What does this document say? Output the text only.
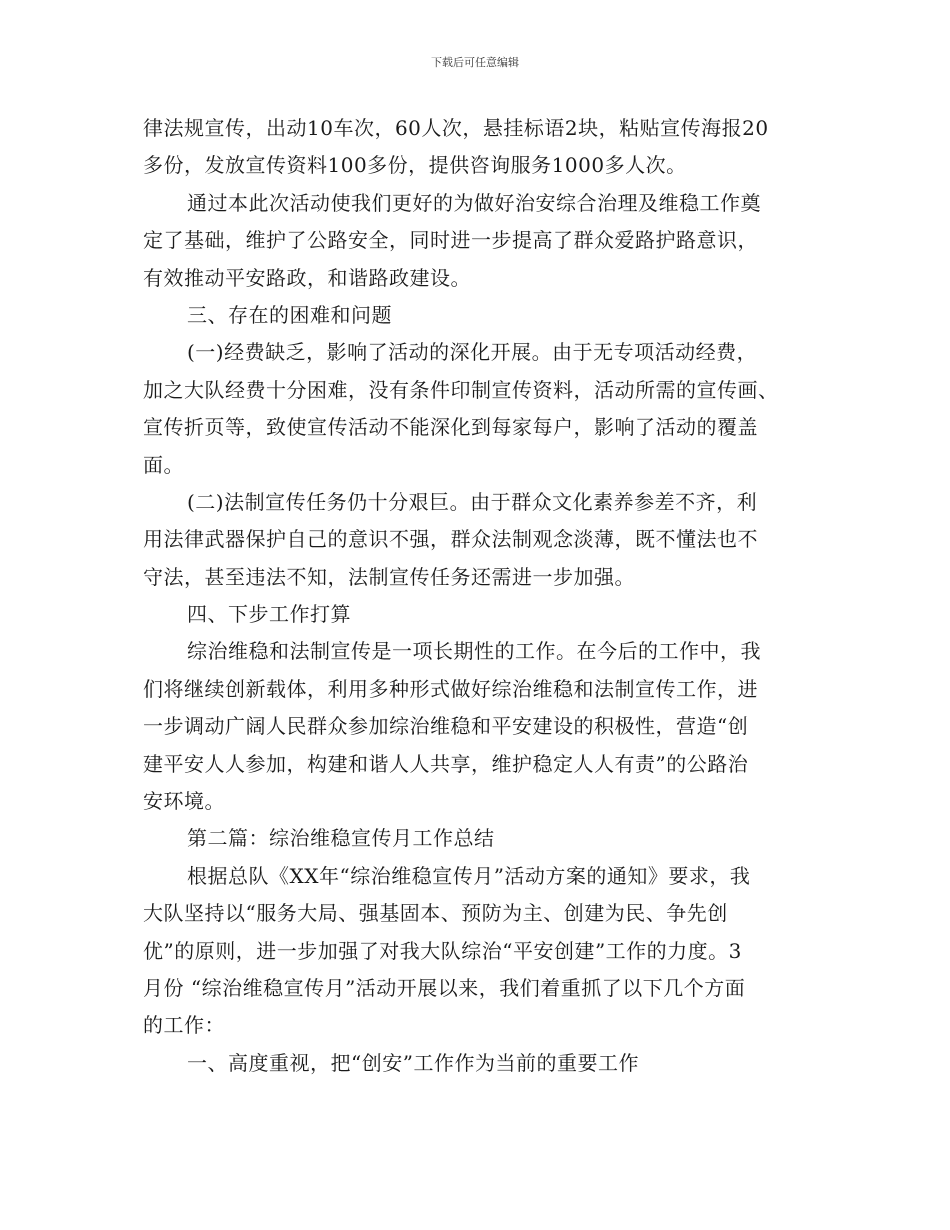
下载后可任意编辑
律法规宣传，出动10车次，60人次，悬挂标语2块，粘贴宣传海报20
多份，发放宣传资料100多份，提供咨询服务1000多人次。
通过本此次活动使我们更好的为做好治安综合治理及维稳工作奠
定了基础，维护了公路安全，同时进一步提高了群众爱路护路意识，
有效推动平安路政，和谐路政建设。
三、存在的困难和问题
(一)经费缺乏，影响了活动的深化开展。由于无专项活动经费，
加之大队经费十分困难，没有条件印制宣传资料，活动所需的宣传画、
宣传折页等，致使宣传活动不能深化到每家每户，影响了活动的覆盖
面。
(二)法制宣传任务仍十分艰巨。由于群众文化素养参差不齐，利
用法律武器保护自己的意识不强，群众法制观念淡薄，既不懂法也不
守法，甚至违法不知，法制宣传任务还需进一步加强。
四、下步工作打算
综治维稳和法制宣传是一项长期性的工作。在今后的工作中，我
们将继续创新载体，利用多种形式做好综治维稳和法制宣传工作，进
一步调动广阔人民群众参加综治维稳和平安建设的积极性，营造“创
建平安人人参加，构建和谐人人共享，维护稳定人人有责”的公路治
安环境。
第二篇：综治维稳宣传月工作总结
根据总队《XX年“综治维稳宣传月”活动方案的通知》要求，我
大队坚持以“服务大局、强基固本、预防为主、创建为民、争先创
优”的原则，进一步加强了对我大队综治“平安创建”工作的力度。3
月份 “综治维稳宣传月”活动开展以来，我们着重抓了以下几个方面
的工作：
一、高度重视，把“创安”工作作为当前的重要工作
